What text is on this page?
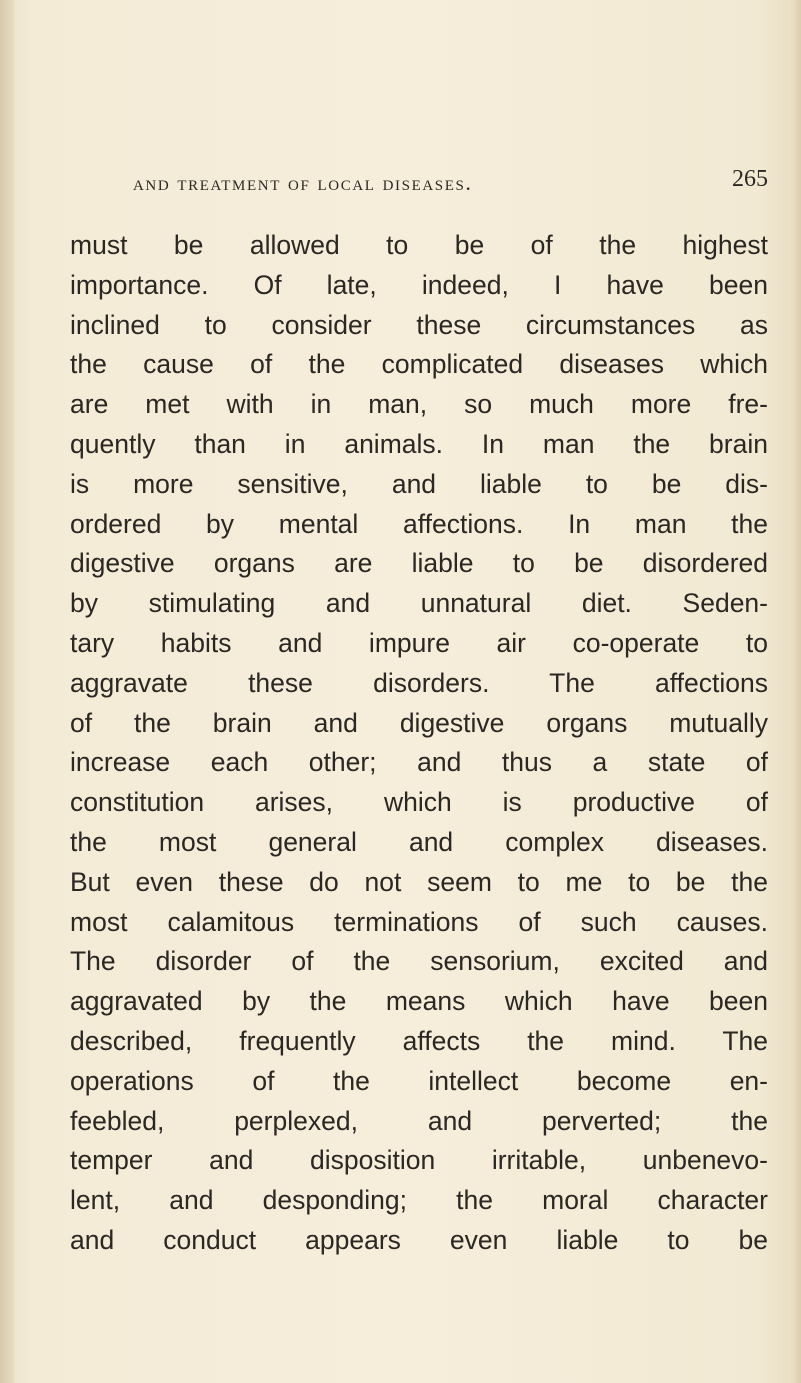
and treatment of local diseases.	265
must be allowed to be of the highest
importance. Of late, indeed, I have been
inclined to consider these circumstances as
the cause of the complicated diseases which
are met with in man, so much more fre-
quently than in animals. In man the brain
is more sensitive, and liable to be dis-
ordered by mental affections. In man the
digestive organs are liable to be disordered
by stimulating and unnatural diet. Seden-
tary habits and impure air co-operate to
aggravate these disorders. The affections
of the brain and digestive organs mutually
increase each other; and thus a state of
constitution arises, which is productive of
the most general and complex diseases.
But even these do not seem to me to be the
most calamitous terminations of such causes.
The disorder of the sensorium, excited and
aggravated by the means which have been
described, frequently affects the mind. The
operations of the intellect become en-
feebled, perplexed, and perverted; the
temper and disposition irritable, unbenevo-
lent, and desponding; the moral character
and conduct appears even liable to be
